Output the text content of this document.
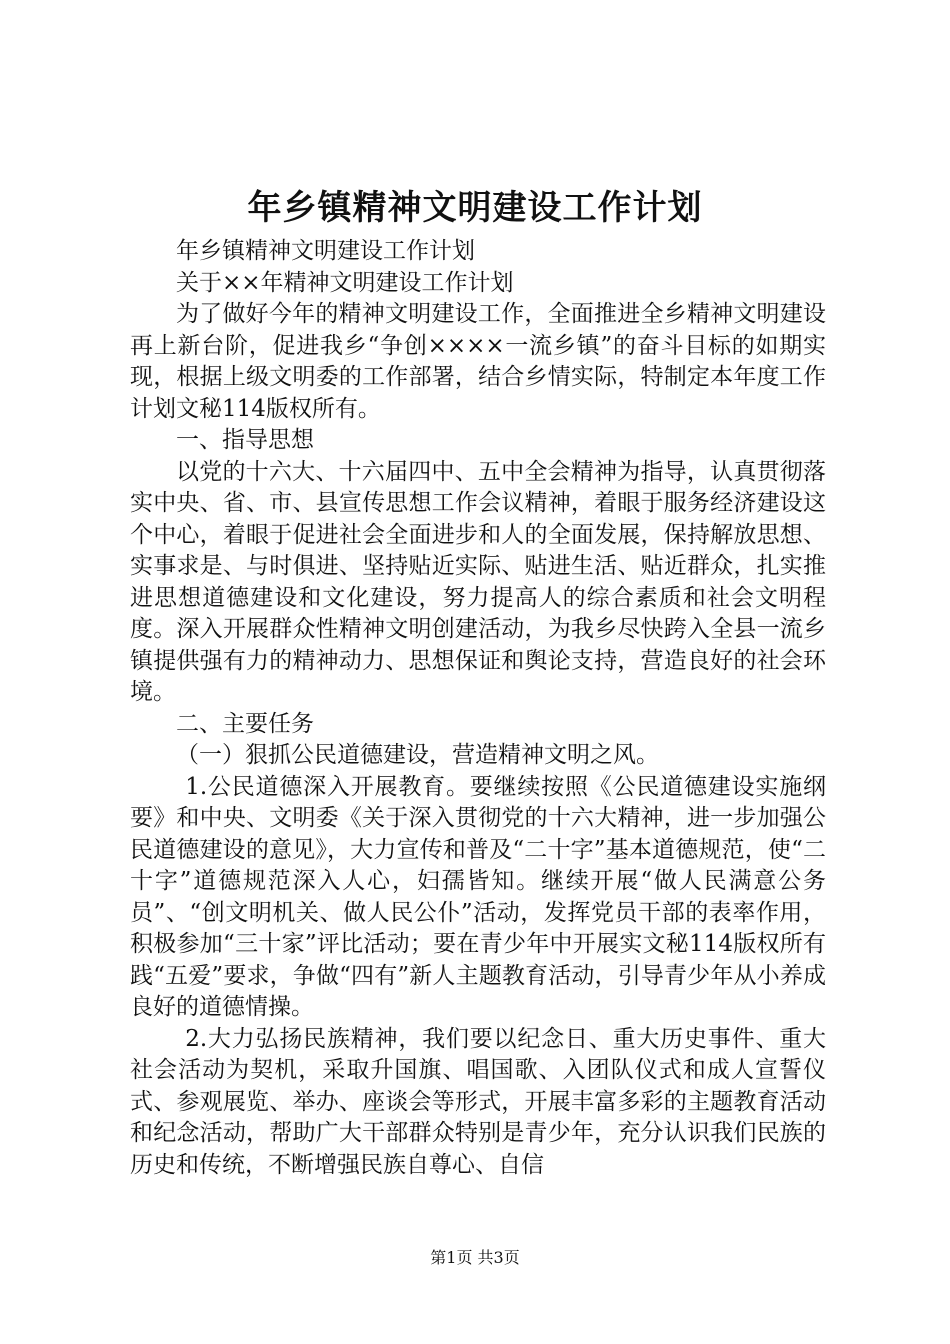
年乡镇精神文明建设工作计划

年乡镇精神文明建设工作计划

关于××年精神文明建设工作计划

为了做好今年的精神文明建设工作，全面推进全乡精神文明建设再上新台阶，促进我乡“争创××××一流乡镇”的奋斗目标的如期实现，根据上级文明委的工作部署，结合乡情实际，特制定本年度工作计划文秘114版权所有。

一、指导思想

以党的十六大、十六届四中、五中全会精神为指导，认真贯彻落实中央、省、市、县宣传思想工作会议精神，着眼于服务经济建设这个中心，着眼于促进社会全面进步和人的全面发展，保持解放思想、实事求是、与时俱进、坚持贴近实际、贴进生活、贴近群众，扎实推进思想道德建设和文化建设，努力提高人的综合素质和社会文明程度。深入开展群众性精神文明创建活动，为我乡尽快跨入全县一流乡镇提供强有力的精神动力、思想保证和舆论支持，营造良好的社会环境。

二、主要任务

（一）狠抓公民道德建设，营造精神文明之风。

1.公民道德深入开展教育。要继续按照《公民道德建设实施纲要》和中央、文明委《关于深入贯彻党的十六大精神，进一步加强公民道德建设的意见》，大力宣传和普及“二十字”基本道德规范，使“二十字”道德规范深入人心，妇孺皆知。继续开展“做人民满意公务员”、“创文明机关、做人民公仆”活动，发挥党员干部的表率作用，积极参加“三十家”评比活动；要在青少年中开展实文秘114版权所有践“五爱”要求，争做“四有”新人主题教育活动，引导青少年从小养成良好的道德情操。

2.大力弘扬民族精神，我们要以纪念日、重大历史事件、重大社会活动为契机，采取升国旗、唱国歌、入团队仪式和成人宣誓仪式、参观展览、举办、座谈会等形式，开展丰富多彩的主题教育活动和纪念活动，帮助广大干部群众特别是青少年，充分认识我们民族的历史和传统，不断增强民族自尊心、自信

第1页 共3页
